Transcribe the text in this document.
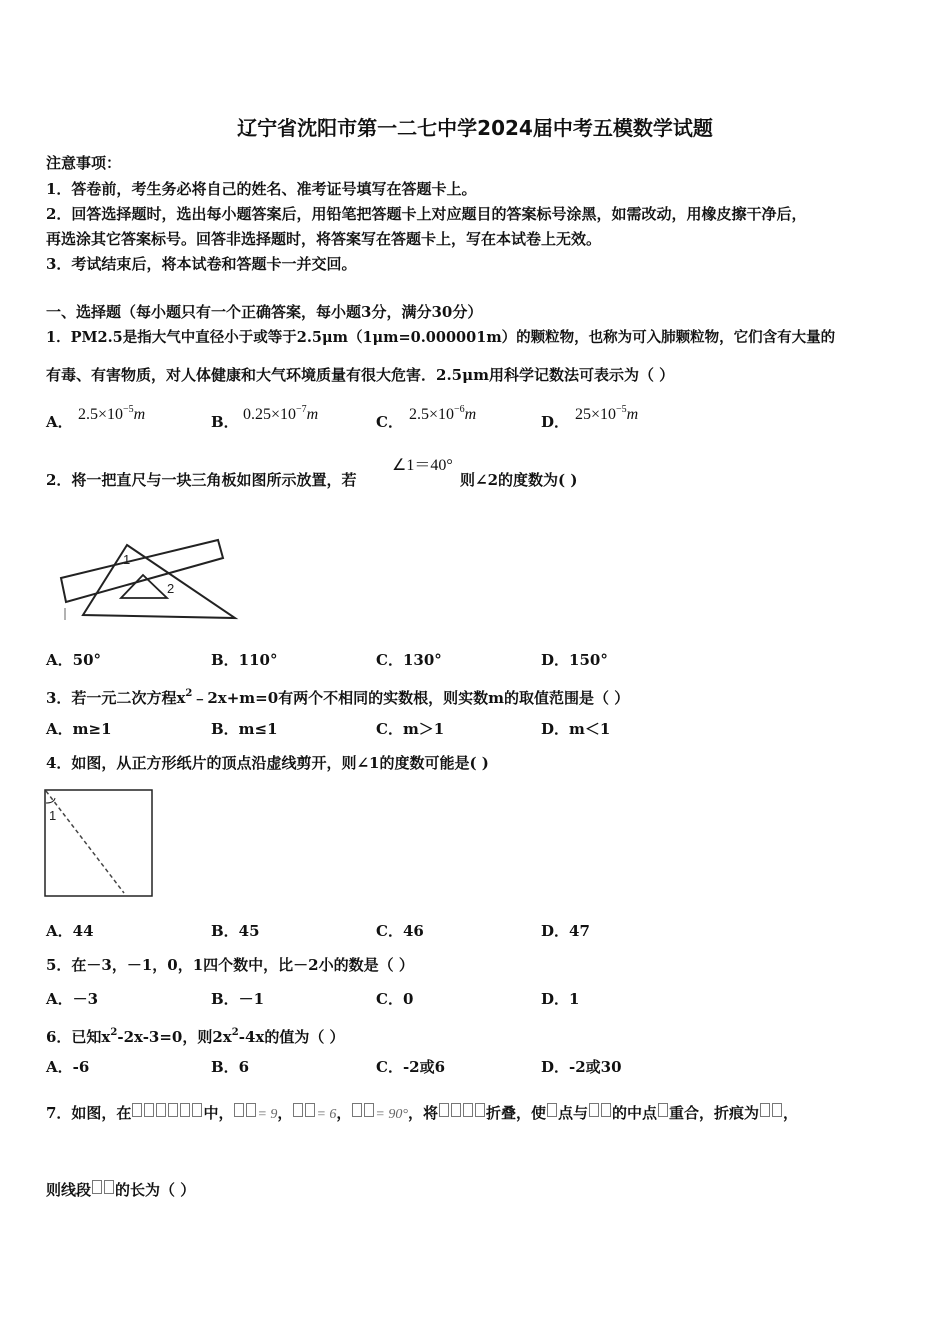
辽宁省沈阳市第一二七中学2024届中考五模数学试题
注意事项：
1．答卷前，考生务必将自己的姓名、准考证号填写在答题卡上。
2．回答选择题时，选出每小题答案后，用铅笔把答题卡上对应题目的答案标号涂黑，如需改动，用橡皮擦干净后，
再选涂其它答案标号。回答非选择题时，将答案写在答题卡上，写在本试卷上无效。
3．考试结束后，将本试卷和答题卡一并交回。
一、选择题（每小题只有一个正确答案，每小题3分，满分30分）
1．PM2.5是指大气中直径小于或等于2.5μm（1μm=0.000001m）的颗粒物，也称为可入肺颗粒物，它们含有大量的
有毒、有害物质，对人体健康和大气环境质量有很大危害．2.5μm用科学记数法可表示为（ ）
A． $2.5\times 10^{-5}m$	B． $0.25\times 10^{-7}m$	C． $2.5\times 10^{-6}m$	D． $25\times 10^{-5}m$
2．将一把直尺与一块三角板如图所示放置，若
∠1＝40°
则∠2的度数为( )
1
2
A．50°	B．110°	C．130°	D．150°
3．若一元二次方程$x^2﹣2x+m=0$有两个不相同的实数根，则实数m的取值范围是（ ）
A．m≥1	B．m≤1	C．m＞1	D．m＜1
4．如图，从正方形纸片的顶点沿虚线剪开，则∠1的度数可能是( )
1
A．44	B．45	C．46	D．47
5．在－3，－1，0，1四个数中，比－2小的数是（ ）
A．－3	B．－1	C．0	D．1
6．已知$x^2-2x-3=0$，则$2x^2-4x$的值为（ ）
A．-6	B．6	C．-2或6	D．-2或30
7．如图，在	中， = 9， = 6， = 90°，将	折叠，使 点与 的中点 重合，折痕为 ，
则线段 的长为（ ）
